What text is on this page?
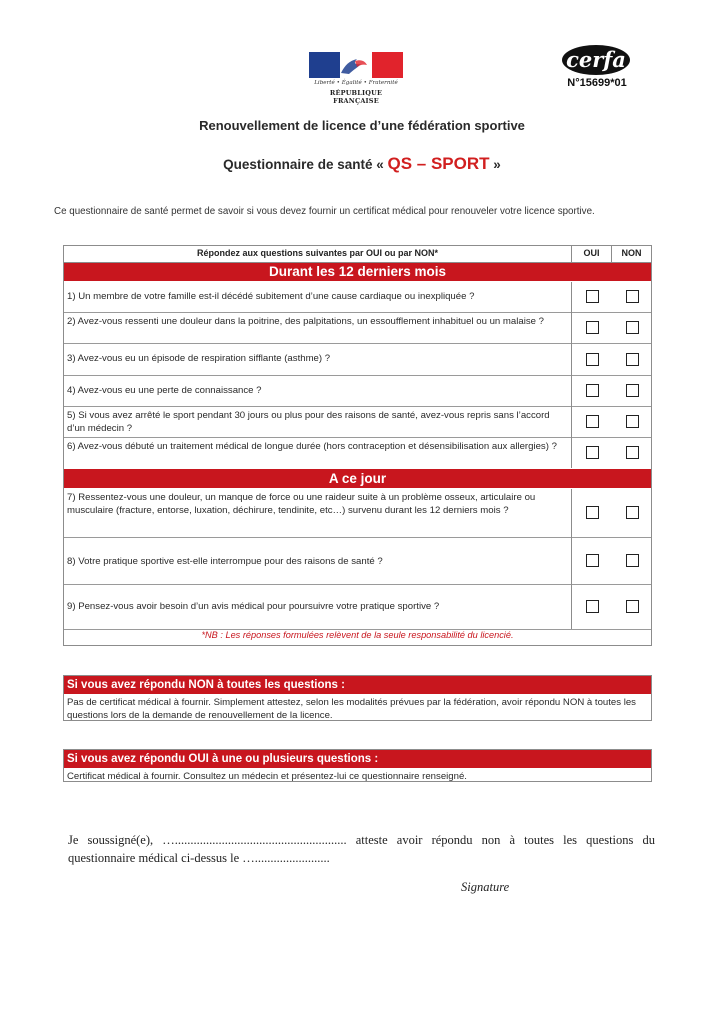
Liberté • Égalité • Fraternité
RÉPUBLIQUE FRANÇAISE
cerfa
N°15699*01
Renouvellement de licence d’une fédération sportive
Questionnaire de santé « QS – SPORT »
Ce questionnaire de santé permet de savoir si vous devez fournir un certificat médical pour renouveler votre licence sportive.
Répondez aux questions suivantes par OUI ou par NON*	OUI	NON
Durant les 12 derniers mois
1) Un membre de votre famille est-il décédé subitement d’une cause cardiaque ou inexpliquée ?
2) Avez-vous ressenti une douleur dans la poitrine, des palpitations, un essoufflement inhabituel ou un malaise ?
3) Avez-vous eu un épisode de respiration sifflante (asthme) ?
4) Avez-vous eu une perte de connaissance ?
5) Si vous avez arrêté le sport pendant 30 jours ou plus pour des raisons de santé, avez-vous repris sans l’accord d’un médecin ?
6) Avez-vous débuté un traitement médical de longue durée (hors contraception et désensibilisation aux allergies) ?
A ce jour
7) Ressentez-vous une douleur, un manque de force ou une raideur suite à un problème osseux, articulaire ou musculaire (fracture, entorse, luxation, déchirure, tendinite, etc…) survenu durant les 12 derniers mois ?
8) Votre pratique sportive est-elle interrompue pour des raisons de santé ?
9) Pensez-vous avoir besoin d’un avis médical pour poursuivre votre pratique sportive ?
*NB : Les réponses formulées relèvent de la seule responsabilité du licencié.
Si vous avez répondu NON à toutes les questions :
Pas de certificat médical à fournir. Simplement attestez, selon les modalités prévues par la fédération, avoir répondu NON à toutes les questions lors de la demande de renouvellement de la licence.
Si vous avez répondu OUI à une ou plusieurs questions :
Certificat médical à fournir. Consultez un médecin et présentez-lui ce questionnaire renseigné.
Je soussigné(e), …....................................................... atteste avoir répondu non à toutes les questions du questionnaire médical ci-dessus le …........................
Signature
